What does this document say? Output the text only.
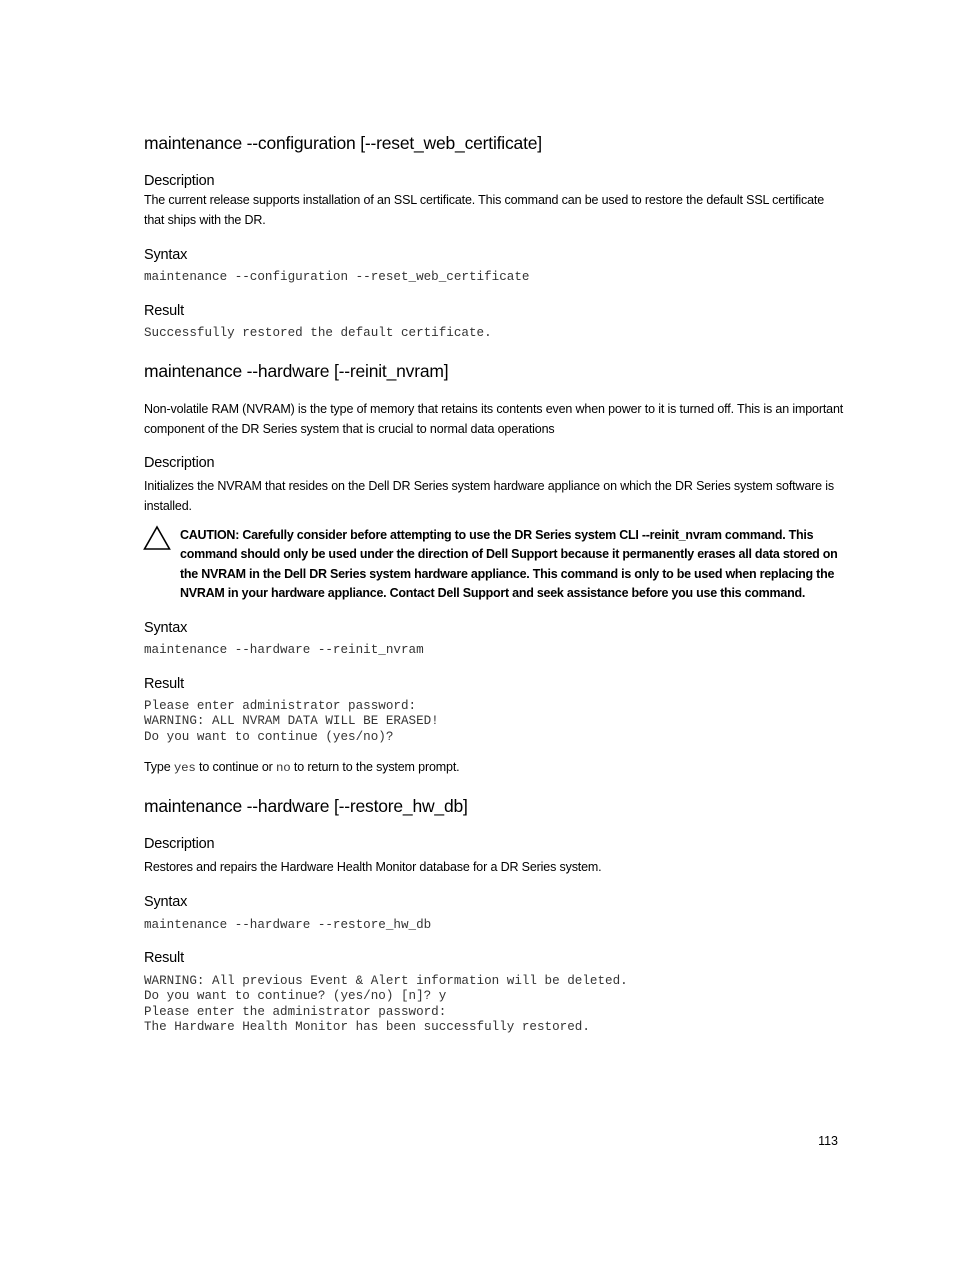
maintenance --configuration [--reset_web_certificate]
Description
The current release supports installation of an SSL certificate. This command can be used to restore the default SSL certificate that ships with the DR.
Syntax
maintenance --configuration --reset_web_certificate
Result
Successfully restored the default certificate.
maintenance --hardware [--reinit_nvram]
Non-volatile RAM (NVRAM) is the type of memory that retains its contents even when power to it is turned off. This is an important component of the DR Series system that is crucial to normal data operations
Description
Initializes the NVRAM that resides on the Dell DR Series system hardware appliance on which the DR Series system software is installed.
CAUTION: Carefully consider before attempting to use the DR Series system CLI --reinit_nvram command. This command should only be used under the direction of Dell Support because it permanently erases all data stored on the NVRAM in the Dell DR Series system hardware appliance. This command is only to be used when replacing the NVRAM in your hardware appliance. Contact Dell Support and seek assistance before you use this command.
Syntax
maintenance --hardware --reinit_nvram
Result
Please enter administrator password:
WARNING: ALL NVRAM DATA WILL BE ERASED!
Do you want to continue (yes/no)?
Type yes to continue or no to return to the system prompt.
maintenance --hardware [--restore_hw_db]
Description
Restores and repairs the Hardware Health Monitor database for a DR Series system.
Syntax
maintenance --hardware --restore_hw_db
Result
WARNING: All previous Event & Alert information will be deleted.
Do you want to continue? (yes/no) [n]? y
Please enter the administrator password:
The Hardware Health Monitor has been successfully restored.
113
